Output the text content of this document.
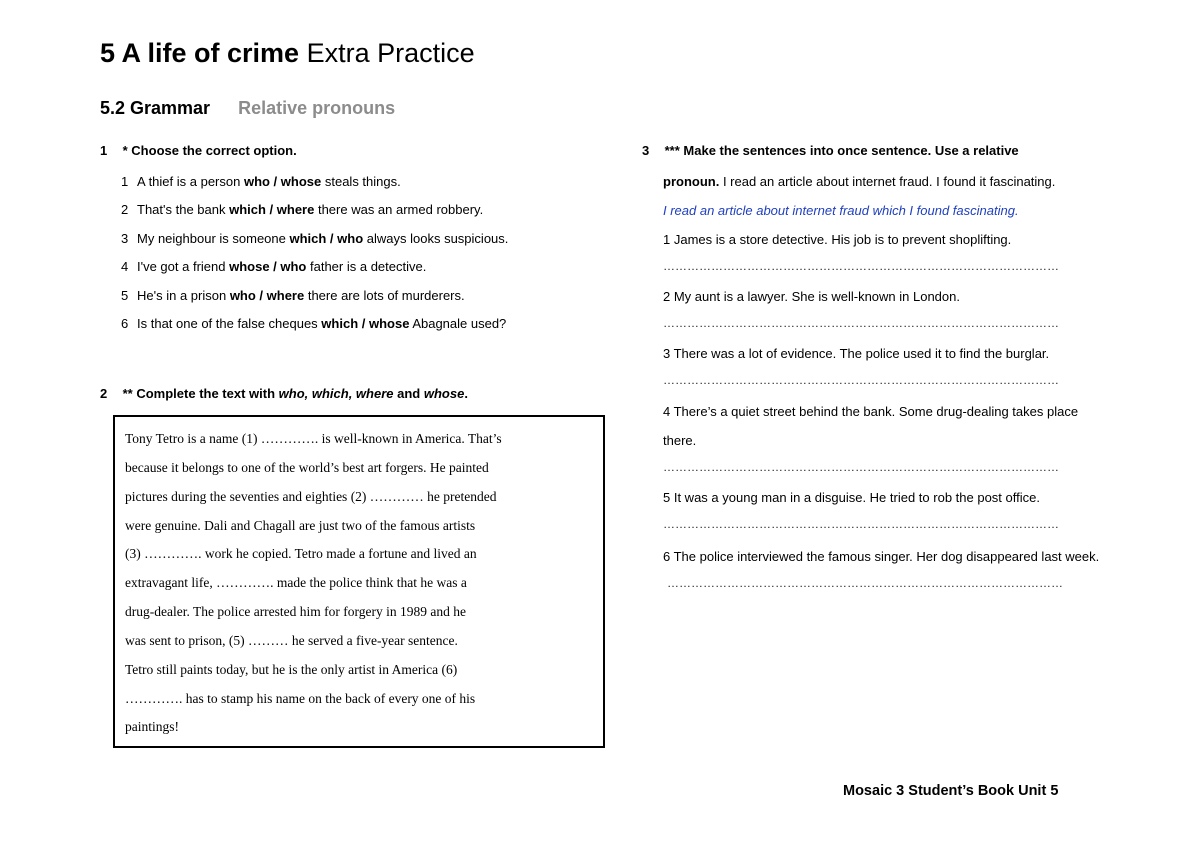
5 A life of crime Extra Practice
5.2 Grammar Relative pronouns
1 * Choose the correct option.
1 A thief is a person who / whose steals things.
2 That's the bank which / where there was an armed robbery.
3 My neighbour is someone which / who always looks suspicious.
4 I've got a friend whose / who father is a detective.
5 He's in a prison who / where there are lots of murderers.
6 Is that one of the false cheques which / whose Abagnale used?
2 ** Complete the text with who, which, where and whose.
Tony Tetro is a name (1) …………. is well-known in America. That’s
because it belongs to one of the world’s best art forgers. He painted
pictures during the seventies and eighties (2) ………… he pretended
were genuine. Dali and Chagall are just two of the famous artists
(3) …………. work he copied. Tetro made a fortune and lived an
extravagant life, …………. made the police think that he was a
drug-dealer. The police arrested him for forgery in 1989 and he
was sent to prison, (5) ……… he served a five-year sentence.
Tetro still paints today, but he is the only artist in America (6)
…………. has to stamp his name on the back of every one of his
paintings!
3 *** Make the sentences into once sentence. Use a relative
pronoun. I read an article about internet fraud. I found it fascinating.
I read an article about internet fraud which I found fascinating.
1 James is a store detective. His job is to prevent shoplifting.
………………………………………………………………………………………
2 My aunt is a lawyer. She is well-known in London.
………………………………………………………………………………………
3 There was a lot of evidence. The police used it to find the burglar.
………………………………………………………………………………………
4 There’s a quiet street behind the bank. Some drug-dealing takes place
there.
………………………………………………………………………………………
5 It was a young man in a disguise. He tried to rob the post office.
………………………………………………………………………………………
6 The police interviewed the famous singer. Her dog disappeared last week.
………………………………………………………………………………………
Mosaic 3 Student’s Book Unit 5
